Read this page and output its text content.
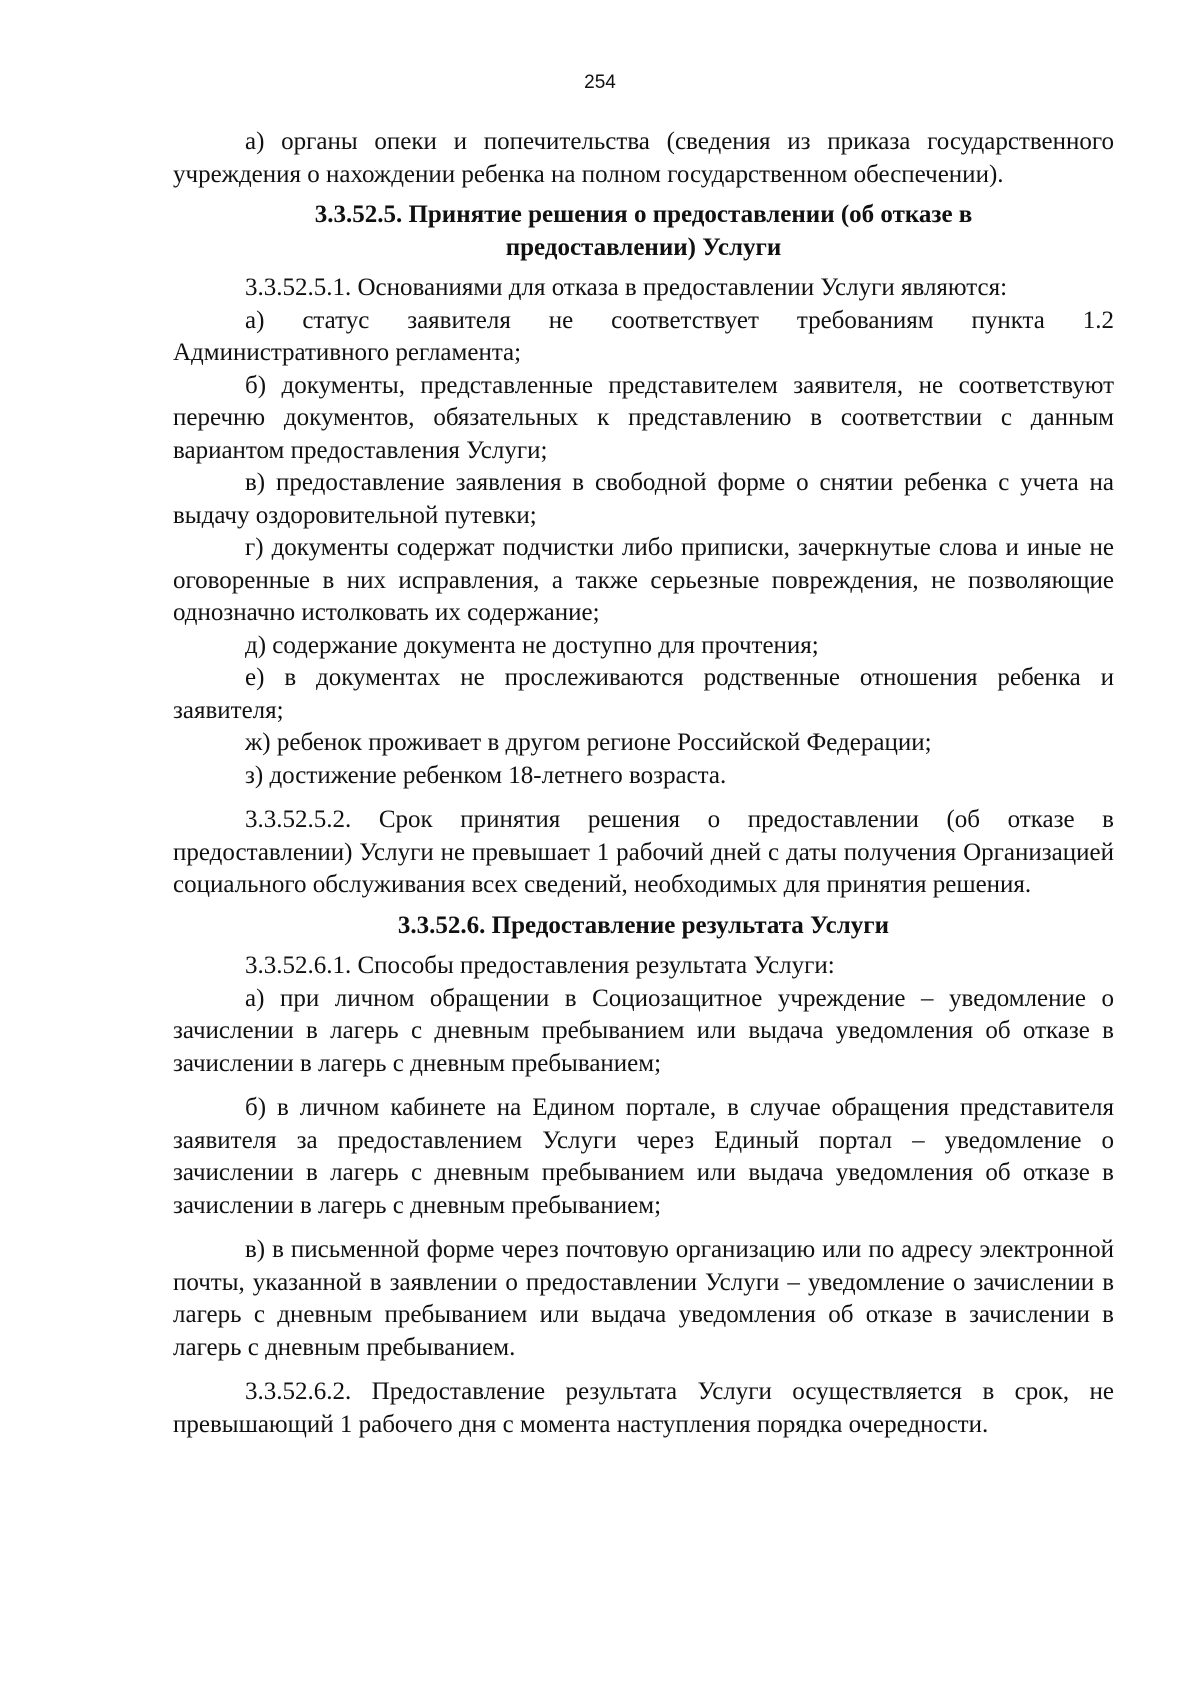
254

а) органы опеки и попечительства (сведения из приказа государственного учреждения о нахождении ребенка на полном государственном обеспечении).

3.3.52.5. Принятие решения о предоставлении (об отказе в предоставлении) Услуги

3.3.52.5.1. Основаниями для отказа в предоставлении Услуги являются:

а) статус заявителя не соответствует требованиям пункта 1.2 Административного регламента;

б) документы, представленные представителем заявителя, не соответствуют перечню документов, обязательных к представлению в соответствии с данным вариантом предоставления Услуги;

в) предоставление заявления в свободной форме о снятии ребенка с учета на выдачу оздоровительной путевки;

г) документы содержат подчистки либо приписки, зачеркнутые слова и иные не оговоренные в них исправления, а также серьезные повреждения, не позволяющие однозначно истолковать их содержание;

д) содержание документа не доступно для прочтения;

е) в документах не прослеживаются родственные отношения ребенка и заявителя;

ж) ребенок проживает в другом регионе Российской Федерации;

з) достижение ребенком 18-летнего возраста.

3.3.52.5.2. Срок принятия решения о предоставлении (об отказе в предоставлении) Услуги не превышает 1 рабочий дней с даты получения Организацией социального обслуживания всех сведений, необходимых для принятия решения.

3.3.52.6. Предоставление результата Услуги

3.3.52.6.1. Способы предоставления результата Услуги:

а) при личном обращении в Социозащитное учреждение – уведомление о зачислении в лагерь с дневным пребыванием или выдача уведомления об отказе в зачислении в лагерь с дневным пребыванием;

б) в личном кабинете на Едином портале, в случае обращения представителя заявителя за предоставлением Услуги через Единый портал – уведомление о зачислении в лагерь с дневным пребыванием или выдача уведомления об отказе в зачислении в лагерь с дневным пребыванием;

в) в письменной форме через почтовую организацию или по адресу электронной почты, указанной в заявлении о предоставлении Услуги – уведомление о зачислении в лагерь с дневным пребыванием или выдача уведомления об отказе в зачислении в лагерь с дневным пребыванием.

3.3.52.6.2. Предоставление результата Услуги осуществляется в срок, не превышающий 1 рабочего дня с момента наступления порядка очередности.
